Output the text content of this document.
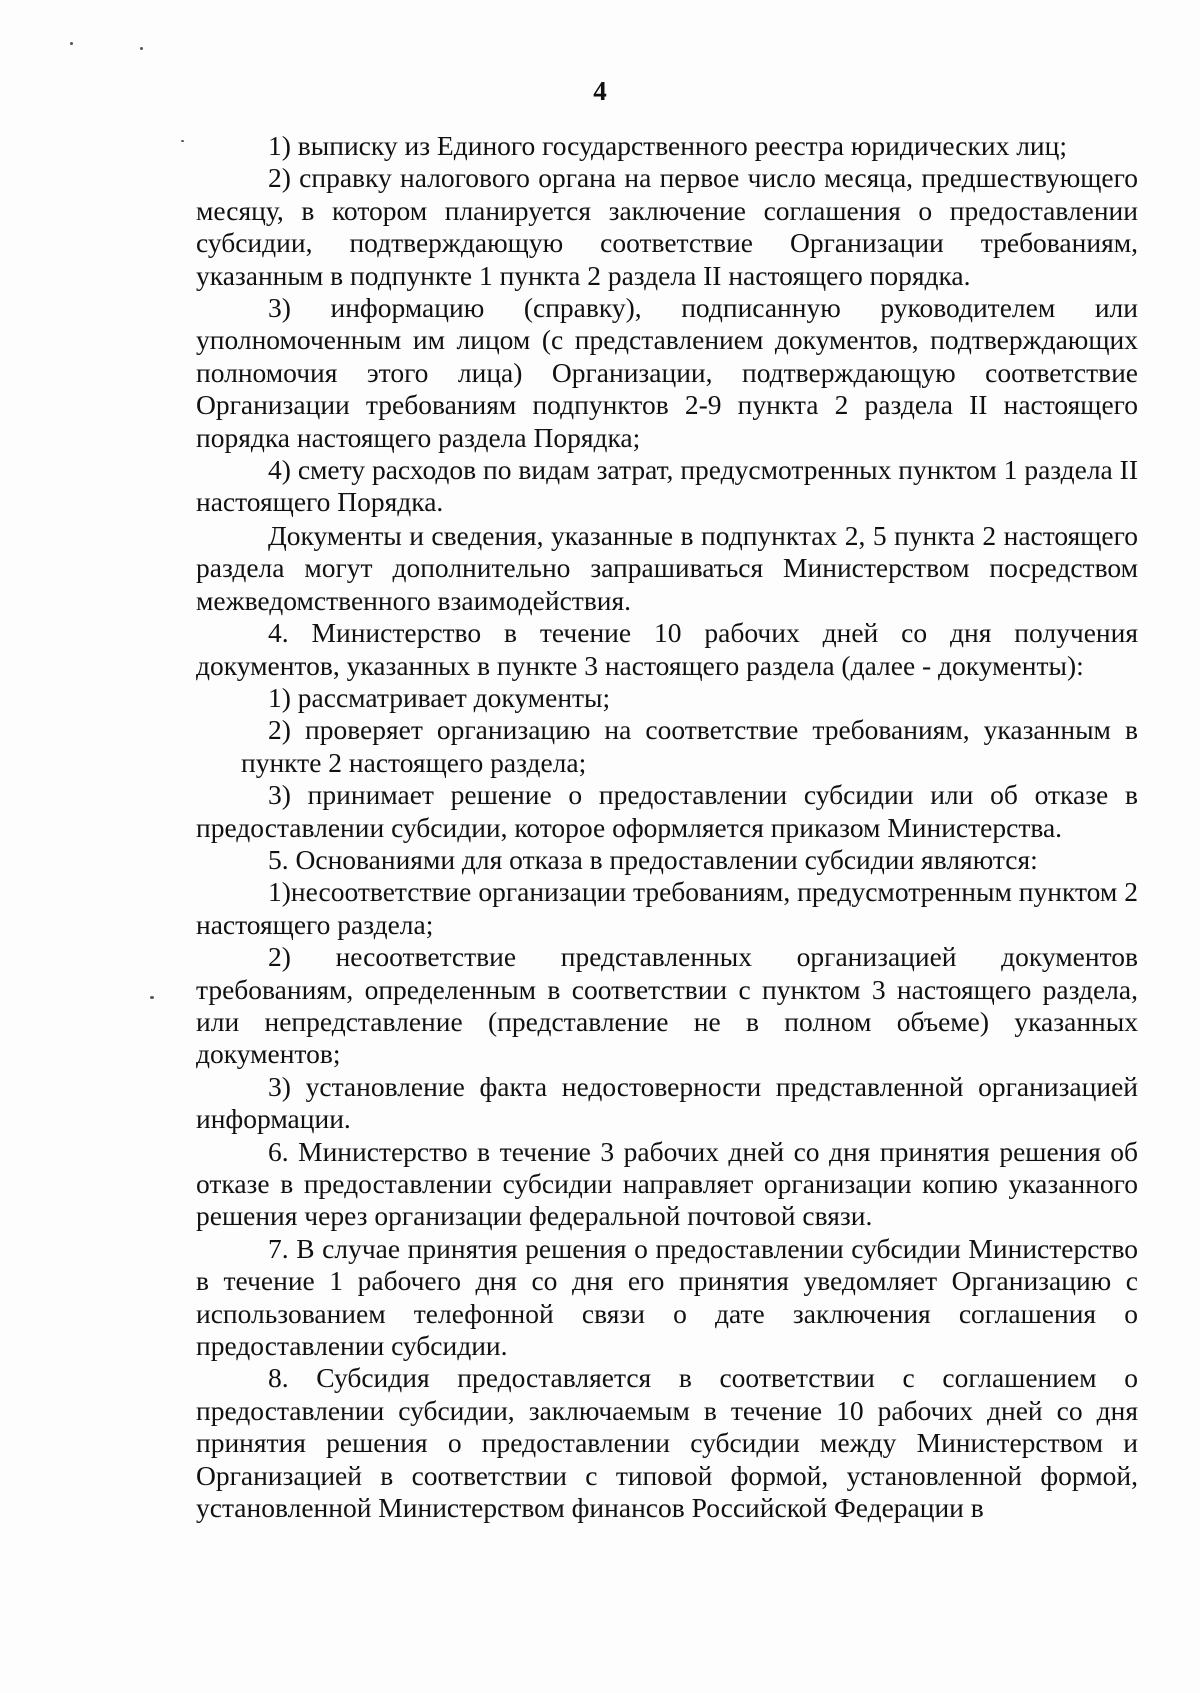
4

1) выписку из Единого государственного реестра юридических лиц;

2) справку налогового органа на первое число месяца, предшествующего месяцу, в котором планируется заключение соглашения о предоставлении субсидии, подтверждающую соответствие Организации требованиям, указанным в подпункте 1 пункта 2 раздела II настоящего порядка.

3) информацию (справку), подписанную руководителем или уполномоченным им лицом (с представлением документов, подтверждающих полномочия этого лица) Организации, подтверждающую соответствие Организации требованиям подпунктов 2-9 пункта 2 раздела II настоящего порядка настоящего раздела Порядка;

4) смету расходов по видам затрат, предусмотренных пунктом 1 раздела II настоящего Порядка.

Документы и сведения, указанные в подпунктах 2, 5 пункта 2 настоящего раздела могут дополнительно запрашиваться Министерством посредством межведомственного взаимодействия.

4. Министерство в течение 10 рабочих дней со дня получения документов, указанных в пункте 3 настоящего раздела (далее - документы):

1) рассматривает документы;

2) проверяет организацию на соответствие требованиям, указанным в пункте 2 настоящего раздела;

3) принимает решение о предоставлении субсидии или об отказе в предоставлении субсидии, которое оформляется приказом Министерства.

5. Основаниями для отказа в предоставлении субсидии являются:

1)несоответствие организации требованиям, предусмотренным пунктом 2 настоящего раздела;

2) несоответствие представленных организацией документов требованиям, определенным в соответствии с пунктом 3 настоящего раздела, или непредставление (представление не в полном объеме) указанных документов;

3) установление факта недостоверности представленной организацией информации.

6. Министерство в течение 3 рабочих дней со дня принятия решения об отказе в предоставлении субсидии направляет организации копию указанного решения через организации федеральной почтовой связи.

7. В случае принятия решения о предоставлении субсидии Министерство в течение 1 рабочего дня со дня его принятия уведомляет Организацию с использованием телефонной связи о дате заключения соглашения о предоставлении субсидии.

8. Субсидия предоставляется в соответствии с соглашением о предоставлении субсидии, заключаемым в течение 10 рабочих дней со дня принятия решения о предоставлении субсидии между Министерством и Организацией в соответствии с типовой формой, установленной формой, установленной Министерством финансов Российской Федерации в
